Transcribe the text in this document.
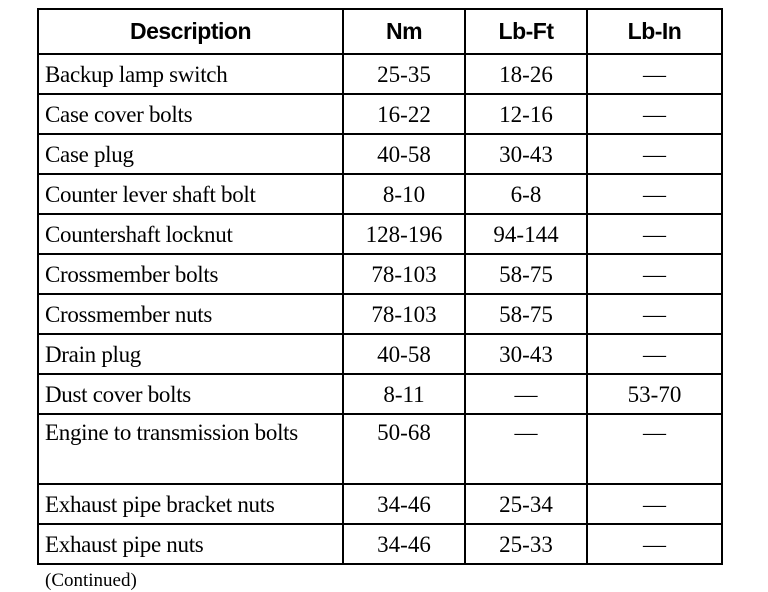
Description	Nm	Lb-Ft	Lb-In
Backup lamp switch	25-35	18-26	—
Case cover bolts	16-22	12-16	—
Case plug	40-58	30-43	—
Counter lever shaft bolt	8-10	6-8	—
Countershaft locknut	128-196	94-144	—
Crossmember bolts	78-103	58-75	—
Crossmember nuts	78-103	58-75	—
Drain plug	40-58	30-43	—
Dust cover bolts	8-11	—	53-70
Engine to transmission bolts	50-68	—	—
Exhaust pipe bracket nuts	34-46	25-34	—
Exhaust pipe nuts	34-46	25-33	—
(Continued)
